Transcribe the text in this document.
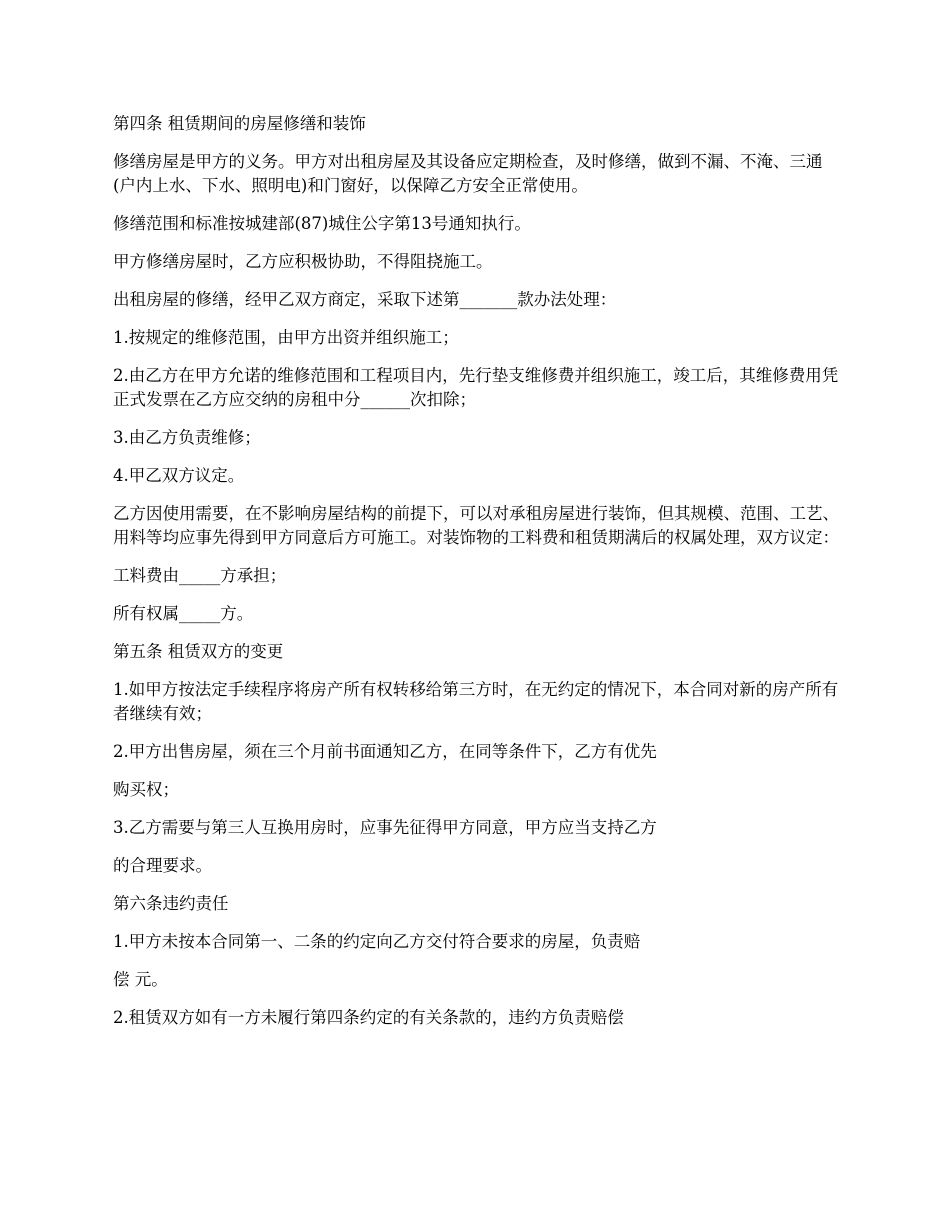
第四条 租赁期间的房屋修缮和装饰

修缮房屋是甲方的义务。甲方对出租房屋及其设备应定期检查，及时修缮，做到不漏、不淹、三通(户内上水、下水、照明电)和门窗好，以保障乙方安全正常使用。

修缮范围和标准按城建部(87)城住公字第13号通知执行。

甲方修缮房屋时，乙方应积极协助，不得阻挠施工。

出租房屋的修缮，经甲乙双方商定，采取下述第_______款办法处理：

1.按规定的维修范围，由甲方出资并组织施工；

2.由乙方在甲方允诺的维修范围和工程项目内，先行垫支维修费并组织施工，竣工后，其维修费用凭正式发票在乙方应交纳的房租中分______次扣除；

3.由乙方负责维修；

4.甲乙双方议定。

乙方因使用需要，在不影响房屋结构的前提下，可以对承租房屋进行装饰，但其规模、范围、工艺、用料等均应事先得到甲方同意后方可施工。对装饰物的工料费和租赁期满后的权属处理，双方议定：

工料费由_____方承担；

所有权属_____方。

第五条 租赁双方的变更

1.如甲方按法定手续程序将房产所有权转移给第三方时，在无约定的情况下，本合同对新的房产所有者继续有效；

2.甲方出售房屋，须在三个月前书面通知乙方，在同等条件下，乙方有优先

购买权；

3.乙方需要与第三人互换用房时，应事先征得甲方同意，甲方应当支持乙方

的合理要求。

第六条违约责任

1.甲方未按本合同第一、二条的约定向乙方交付符合要求的房屋，负责赔

偿 元。

2.租赁双方如有一方未履行第四条约定的有关条款的，违约方负责赔偿
